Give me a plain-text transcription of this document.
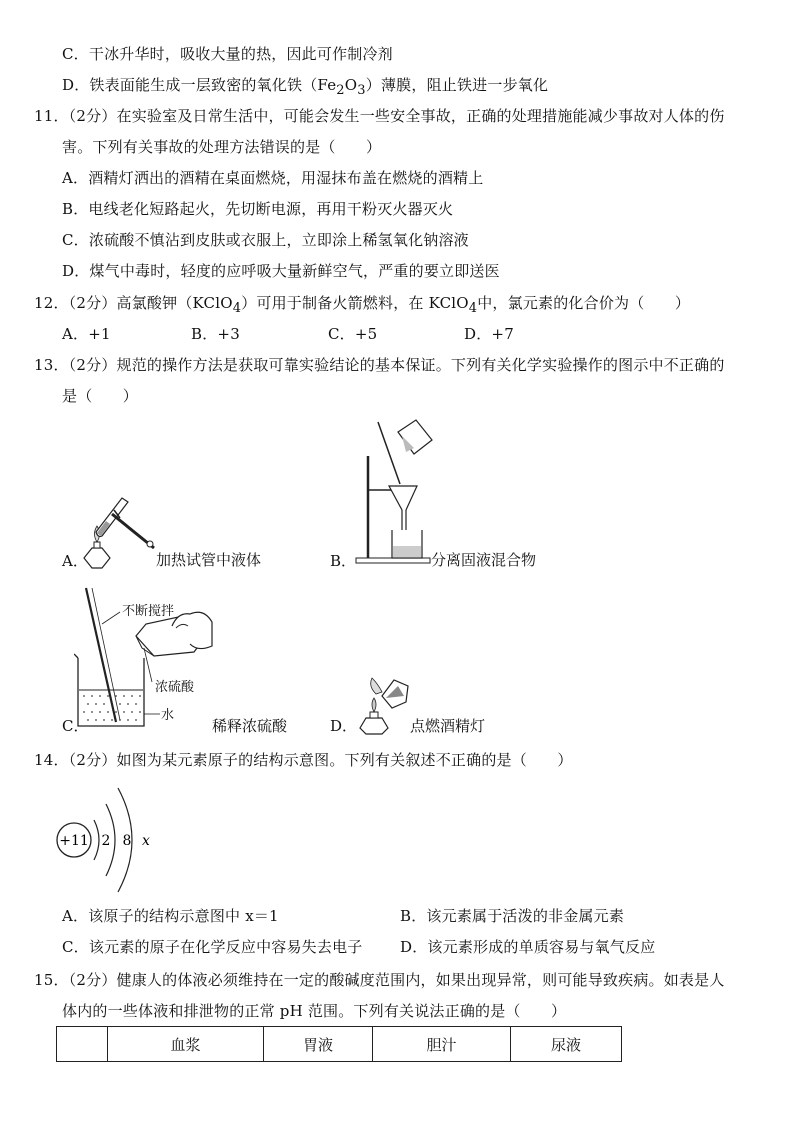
C．干冰升华时，吸收大量的热，因此可作制冷剂
D．铁表面能生成一层致密的氧化铁$(Fe_2O_3)$薄膜，阻止铁进一步氧化
11．（2分）在实验室及日常生活中，可能会发生一些安全事故，正确的处理措施能减少事故对人体的伤
害。下列有关事故的处理方法错误的是（　　）
A．酒精灯洒出的酒精在桌面燃烧，用湿抹布盖在燃烧的酒精上
B．电线老化短路起火，先切断电源，再用干粉灭火器灭火
C．浓硫酸不慎沾到皮肤或衣服上，立即涂上稀氢氧化钠溶液
D．煤气中毒时，轻度的应呼吸大量新鲜空气，严重的要立即送医
12．（2分）高氯酸钾（KClO$_4$）可用于制备火箭燃料，在 KClO$_4$中，氯元素的化合价为（　　）
A．+1	B．+3	C．+5	D．+7
13．（2分）规范的操作方法是获取可靠实验结论的基本保证。下列有关化学实验操作的图示中不正确的
是（　　）
A．	加热试管中液体	B．	分离固液混合物
不断搅拌
浓硫酸
水
C．	稀释浓硫酸	D．	点燃酒精灯
14．（2分）如图为某元素原子的结构示意图。下列有关叙述不正确的是（　　）
+11 2 8 x
A．该原子的结构示意图中 x＝1	B．该元素属于活泼的非金属元素
C．该元素的原子在化学反应中容易失去电子	D．该元素形成的单质容易与氧气反应
15．（2分）健康人的体液必须维持在一定的酸碱度范围内，如果出现异常，则可能导致疾病。如表是人
体内的一些体液和排泄物的正常 pH 范围。下列有关说法正确的是（　　）
	血浆	胃液	胆汁	尿液
